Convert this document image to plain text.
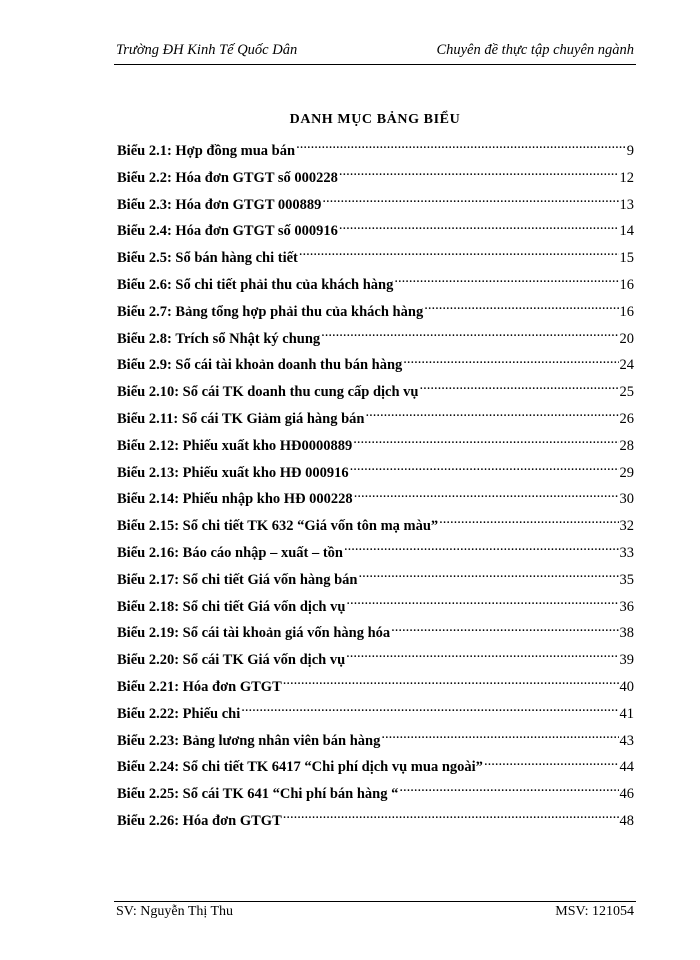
Trường ĐH Kinh Tế Quốc Dân	Chuyên đề thực tập chuyên ngành
DANH MỤC BẢNG BIỂU
Biểu 2.1: Hợp đồng mua bán .....	9
Biểu 2.2: Hóa đơn GTGT số 000228 .....	12
Biểu 2.3: Hóa đơn GTGT 000889 .....	13
Biểu 2.4: Hóa đơn GTGT số 000916 .....	14
Biểu 2.5: Sổ bán hàng chi tiết .....	15
Biểu 2.6: Sổ chi tiết phải thu của khách hàng .....	16
Biểu 2.7: Bảng tổng hợp phải thu của khách hàng .....	16
Biểu 2.8: Trích sổ Nhật ký chung .....	20
Biểu 2.9: Sổ cái tài khoản doanh thu bán hàng .....	24
Biểu 2.10: Sổ cái TK doanh thu cung cấp dịch vụ .....	25
Biểu 2.11: Sổ cái TK Giảm giá hàng bán .....	26
Biểu 2.12: Phiếu xuất kho HĐ0000889 .....	28
Biểu 2.13: Phiếu xuất kho HĐ 000916 .....	29
Biểu 2.14: Phiếu nhập kho HĐ 000228 .....	30
Biểu 2.15: Sổ chi tiết TK 632 “Giá vốn tôn mạ màu” .....	32
Biểu 2.16: Báo cáo nhập – xuất – tồn .....	33
Biểu 2.17: Sổ chi tiết Giá vốn hàng bán .....	35
Biểu 2.18: Sổ chi tiết Giá vốn dịch vụ .....	36
Biểu 2.19: Sổ cái tài khoản giá vốn hàng hóa .....	38
Biểu 2.20: Sổ cái TK Giá vốn dịch vụ .....	39
Biểu 2.21: Hóa đơn GTGT .....	40
Biểu 2.22: Phiếu chi .....	41
Biểu 2.23: Bảng lương nhân viên bán hàng .....	43
Biểu 2.24: Sổ chi tiết TK 6417 “Chi phí dịch vụ mua ngoài” .....	44
Biểu 2.25: Sổ cái TK 641 “Chi phí bán hàng “ .....	46
Biểu 2.26: Hóa đơn GTGT .....	48
SV: Nguyễn Thị Thu	MSV: 121054
